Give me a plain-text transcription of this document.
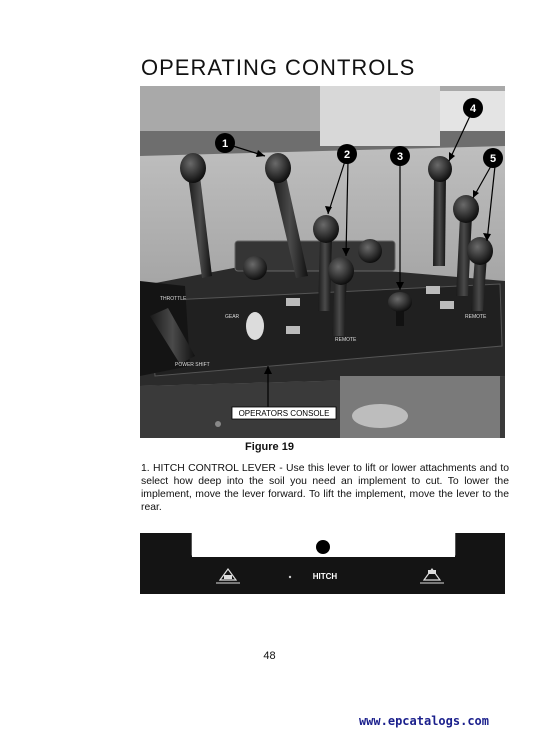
OPERATING CONTROLS
THROTTLE
GEAR
POWER SHIFT
REMOTE
REMOTE
1
2	3
4
5
OPERATORS CONSOLE
Figure 19
1. HITCH CONTROL LEVER - Use this lever to lift or lower attachments and to select how deep into the soil you need an implement to cut. To lower the implement, move the lever forward. To lift the implement, move the lever to the rear.
HITCH
48
www.epcatalogs.com
